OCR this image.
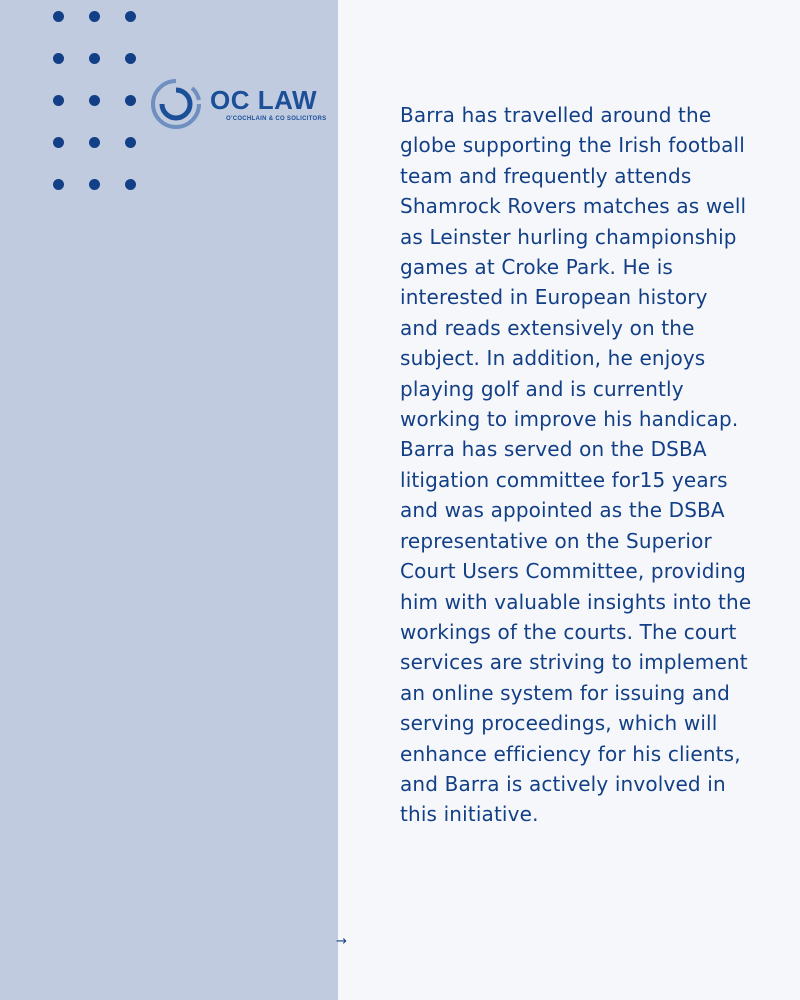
OC LAW
O'COCHLAIN & CO SOLICITORS	Barra has travelled around the globe supporting the Irish football team and frequently attends Shamrock Rovers matches as well as Leinster hurling championship games at Croke Park. He is interested in European history and reads extensively on the subject. In addition, he enjoys playing golf and is currently working to improve his handicap. Barra has served on the DSBA litigation committee for15 years and was appointed as the DSBA representative on the Superior Court Users Committee, providing him with valuable insights into the workings of the courts. The court services are striving to implement an online system for issuing and serving proceedings, which will enhance efficiency for his clients, and Barra is actively involved in this initiative.

→
